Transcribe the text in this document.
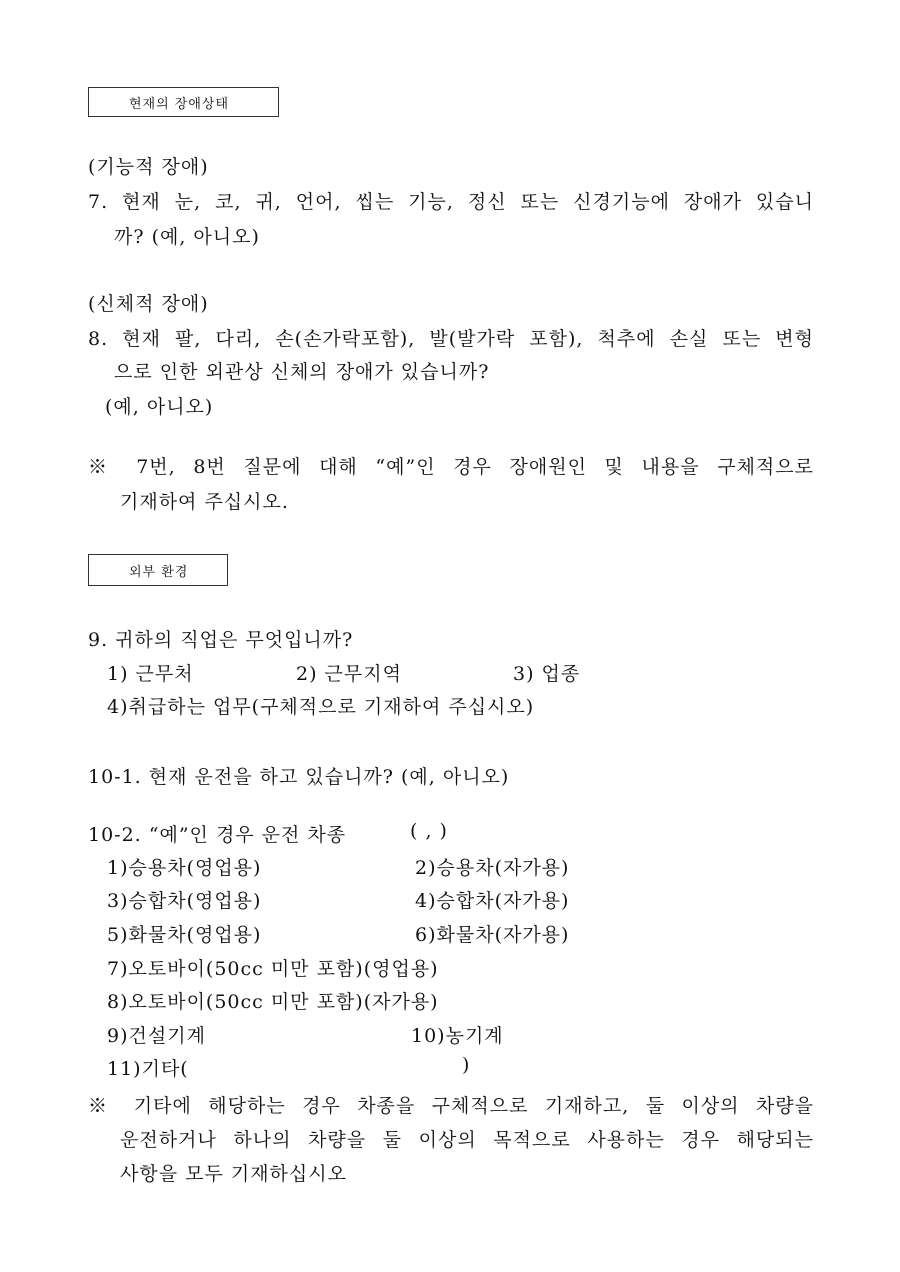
현재의 장애상태
(기능적 장애)
7. 현재 눈, 코, 귀, 언어, 씹는 기능, 정신 또는 신경기능에 장애가 있습니
까? (예, 아니오)
(신체적 장애)
8. 현재 팔, 다리, 손(손가락포함), 발(발가락 포함), 척추에 손실 또는 변형
으로 인한 외관상 신체의 장애가 있습니까?
(예, 아니오)
※ 7번, 8번 질문에 대해 “예”인 경우 장애원인 및 내용을 구체적으로
기재하여 주십시오.
외부 환경
9. 귀하의 직업은 무엇입니까?
1) 근무처	2) 근무지역	3) 업종
4)취급하는 업무(구체적으로 기재하여 주십시오)
10-1. 현재 운전을 하고 있습니까? (예, 아니오)
10-2. “예”인 경우 운전 차종	( , )
1)승용차(영업용)	2)승용차(자가용)
3)승합차(영업용)	4)승합차(자가용)
5)화물차(영업용)	6)화물차(자가용)
7)오토바이(50cc 미만 포함)(영업용)
8)오토바이(50cc 미만 포함)(자가용)
9)건설기계	10)농기계
11)기타(	)
※ 기타에 해당하는 경우 차종을 구체적으로 기재하고, 둘 이상의 차량을
운전하거나 하나의 차량을 둘 이상의 목적으로 사용하는 경우 해당되는
사항을 모두 기재하십시오
